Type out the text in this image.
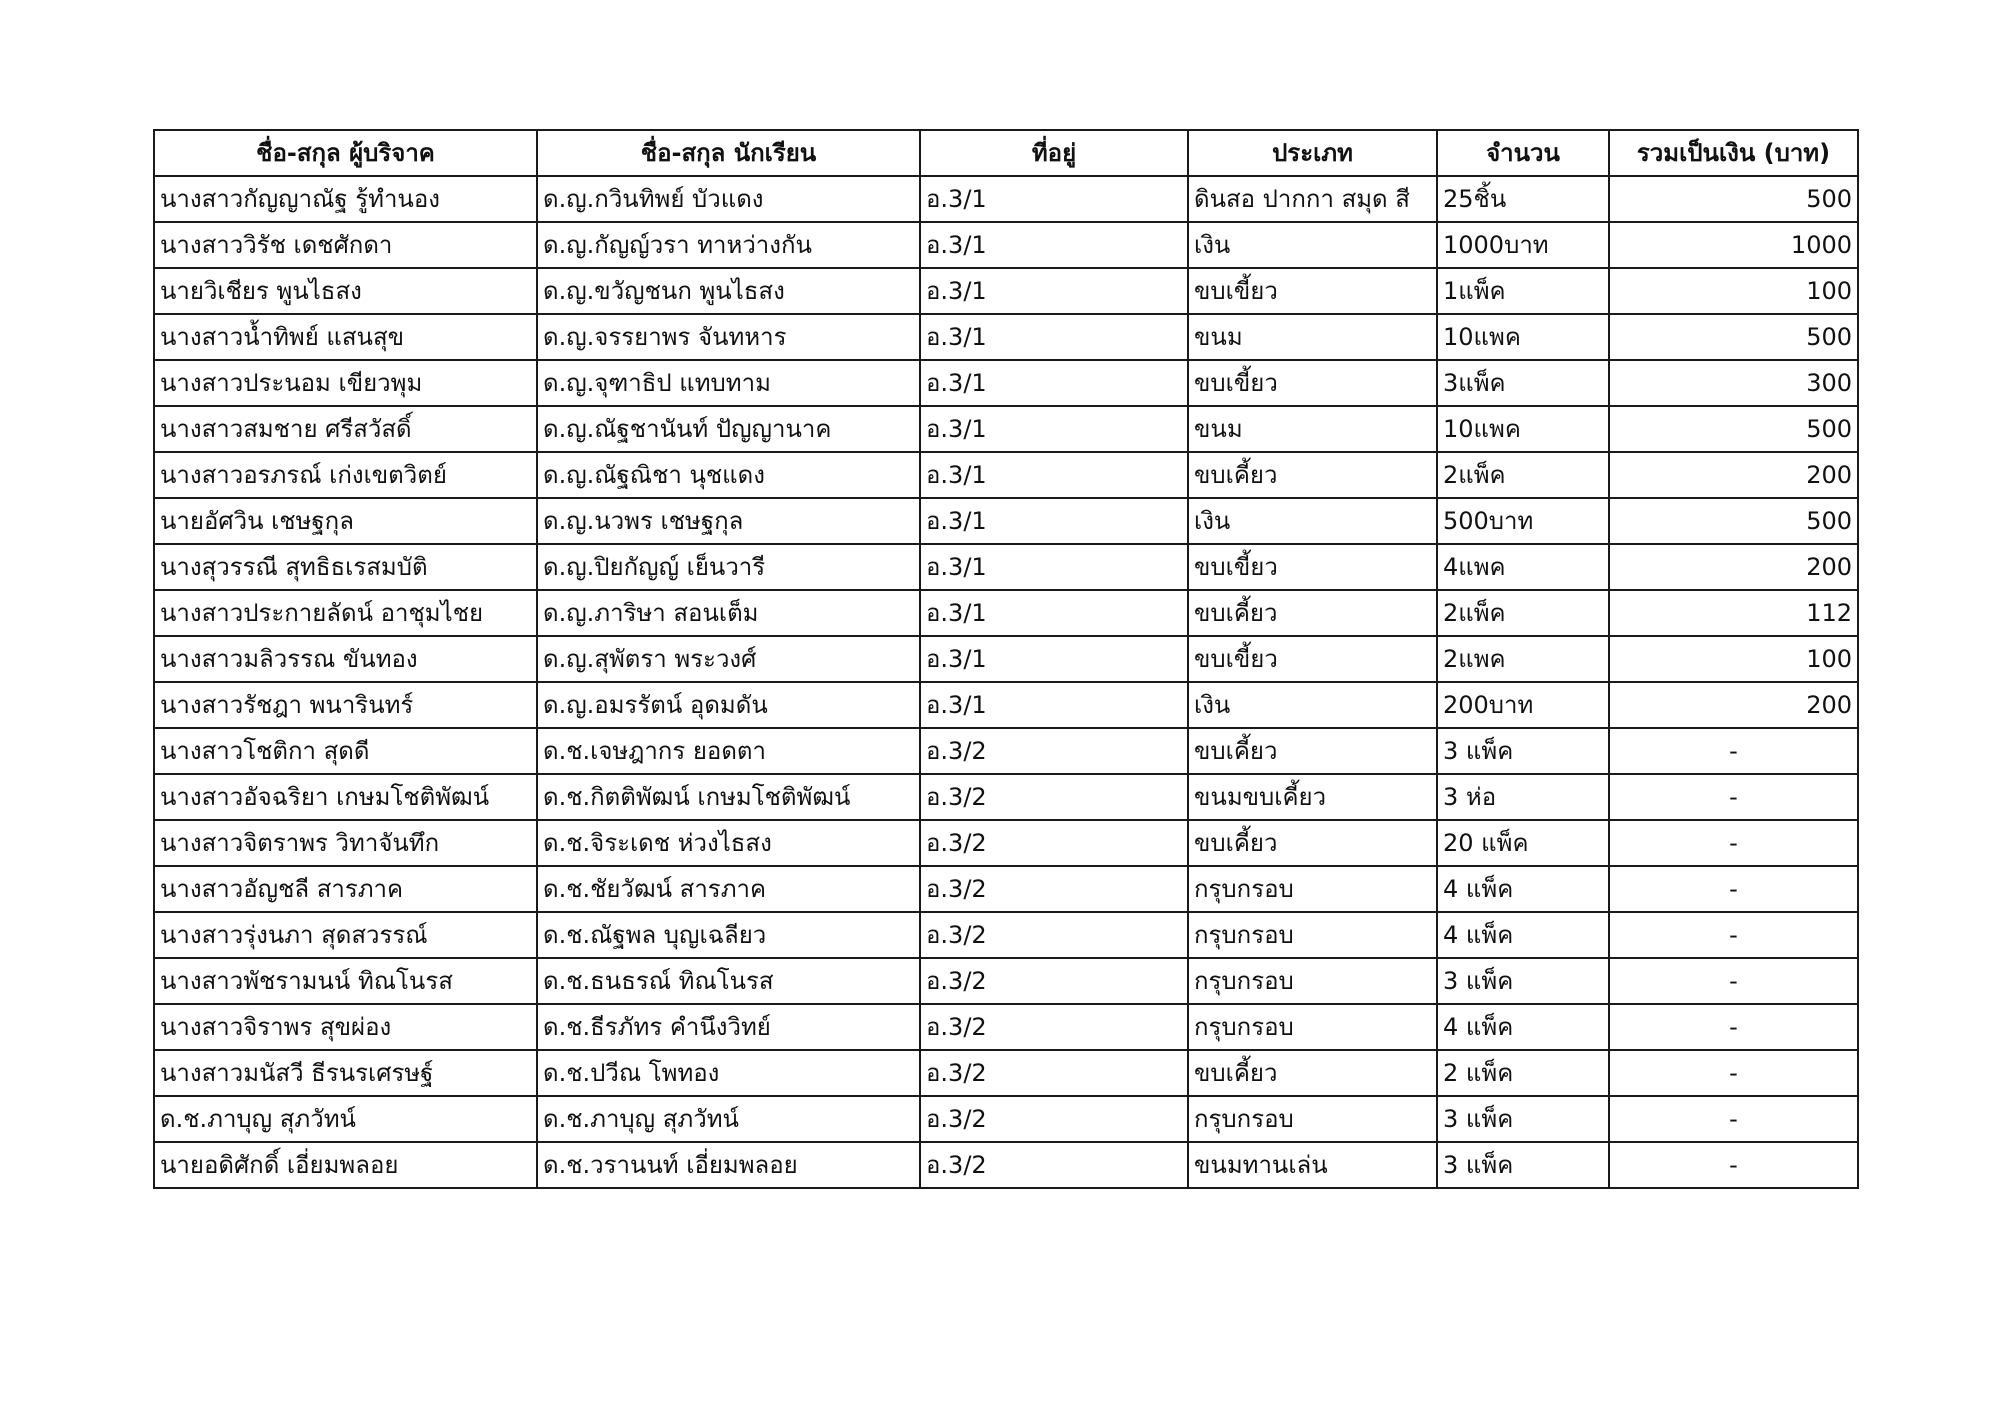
ชื่อ-สกุล ผู้บริจาค	ชื่อ-สกุล นักเรียน	ที่อยู่	ประเภท	จำนวน	รวมเป็นเงิน (บาท)
นางสาวกัญญาณัฐ รู้ทำนอง	ด.ญ.กวินทิพย์ บัวแดง	อ.3/1	ดินสอ ปากกา สมุด สี	25ชิ้น	500
นางสาววิรัช เดชศักดา	ด.ญ.กัญญ์วรา ทาหว่างกัน	อ.3/1	เงิน	1000บาท	1000
นายวิเชียร พูนไธสง	ด.ญ.ขวัญชนก พูนไธสง	อ.3/1	ขบเขี้ยว	1แพ็ค	100
นางสาวน้ำทิพย์ แสนสุข	ด.ญ.จรรยาพร จันทหาร	อ.3/1	ขนม	10แพค	500
นางสาวประนอม เขียวพุม	ด.ญ.จุฑาธิป แทบทาม	อ.3/1	ขบเขี้ยว	3แพ็ค	300
นางสาวสมชาย ศรีสวัสดิ์	ด.ญ.ณัฐชานันท์ ปัญญานาค	อ.3/1	ขนม	10แพค	500
นางสาวอรภรณ์ เก่งเขตวิตย์	ด.ญ.ณัฐณิชา นุชแดง	อ.3/1	ขบเคี้ยว	2แพ็ค	200
นายอัศวิน เชษฐกุล	ด.ญ.นวพร เชษฐกุล	อ.3/1	เงิน	500บาท	500
นางสุวรรณี สุทธิธเรสมบัติ	ด.ญ.ปิยกัญญ์ เย็นวารี	อ.3/1	ขบเขี้ยว	4แพค	200
นางสาวประกายลัดน์ อาชุมไชย	ด.ญ.ภาริษา สอนเต็ม	อ.3/1	ขบเคี้ยว	2แพ็ค	112
นางสาวมลิวรรณ ขันทอง	ด.ญ.สุพัตรา พระวงศ์	อ.3/1	ขบเขี้ยว	2แพค	100
นางสาวรัชฎา พนารินทร์	ด.ญ.อมรรัตน์ อุดมดัน	อ.3/1	เงิน	200บาท	200
นางสาวโชติกา สุดดี	ด.ช.เจษฎากร ยอดตา	อ.3/2	ขบเคี้ยว	3 แพ็ค	-
นางสาวอัจฉริยา เกษมโชติพัฒน์	ด.ช.กิตติพัฒน์ เกษมโชติพัฒน์	อ.3/2	ขนมขบเคี้ยว	3 ห่อ	-
นางสาวจิตราพร วิทาจันทึก	ด.ช.จิระเดช ห่วงไธสง	อ.3/2	ขบเคี้ยว	20 แพ็ค	-
นางสาวอัญชลี สารภาค	ด.ช.ชัยวัฒน์ สารภาค	อ.3/2	กรุบกรอบ	4 แพ็ค	-
นางสาวรุ่งนภา สุดสวรรณ์	ด.ช.ณัฐพล บุญเฉลียว	อ.3/2	กรุบกรอบ	4 แพ็ค	-
นางสาวพัชรามนน์ ทิณโนรส	ด.ช.ธนธรณ์ ทิณโนรส	อ.3/2	กรุบกรอบ	3 แพ็ค	-
นางสาวจิราพร สุขผ่อง	ด.ช.ธีรภัทร คำนึงวิทย์	อ.3/2	กรุบกรอบ	4 แพ็ค	-
นางสาวมนัสวี ธีรนรเศรษฐ์	ด.ช.ปวีณ โพทอง	อ.3/2	ขบเคี้ยว	2 แพ็ค	-
ด.ช.ภาบุญ สุภวัทน์	ด.ช.ภาบุญ สุภวัทน์	อ.3/2	กรุบกรอบ	3 แพ็ค	-
นายอดิศักดิ์ เอี่ยมพลอย	ด.ช.วรานนท์ เอี่ยมพลอย	อ.3/2	ขนมทานเล่น	3 แพ็ค	-
